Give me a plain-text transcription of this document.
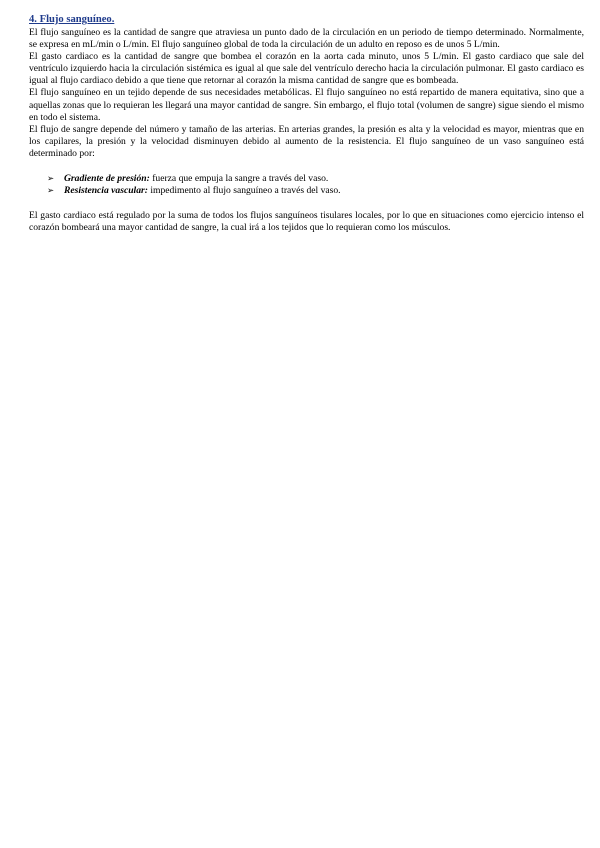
4. Flujo sanguíneo.

El flujo sanguíneo es la cantidad de sangre que atraviesa un punto dado de la circulación en un periodo de tiempo determinado. Normalmente, se expresa en mL/min o L/min. El flujo sanguíneo global de toda la circulación de un adulto en reposo es de unos 5 L/min.

El gasto cardiaco es la cantidad de sangre que bombea el corazón en la aorta cada minuto, unos 5 L/min. El gasto cardiaco que sale del ventrículo izquierdo hacia la circulación sistémica es igual al que sale del ventrículo derecho hacia la circulación pulmonar. El gasto cardiaco es igual al flujo cardiaco debido a que tiene que retornar al corazón la misma cantidad de sangre que es bombeada.

El flujo sanguíneo en un tejido depende de sus necesidades metabólicas. El flujo sanguíneo no está repartido de manera equitativa, sino que a aquellas zonas que lo requieran les llegará una mayor cantidad de sangre. Sin embargo, el flujo total (volumen de sangre) sigue siendo el mismo en todo el sistema.

El flujo de sangre depende del número y tamaño de las arterias. En arterias grandes, la presión es alta y la velocidad es mayor, mientras que en los capilares, la presión y la velocidad disminuyen debido al aumento de la resistencia. El flujo sanguíneo de un vaso sanguíneo está determinado por:

➢ Gradiente de presión: fuerza que empuja la sangre a través del vaso.
➢ Resistencia vascular: impedimento al flujo sanguíneo a través del vaso.

El gasto cardiaco está regulado por la suma de todos los flujos sanguíneos tisulares locales, por lo que en situaciones como ejercicio intenso el corazón bombeará una mayor cantidad de sangre, la cual irá a los tejidos que lo requieran como los músculos.
